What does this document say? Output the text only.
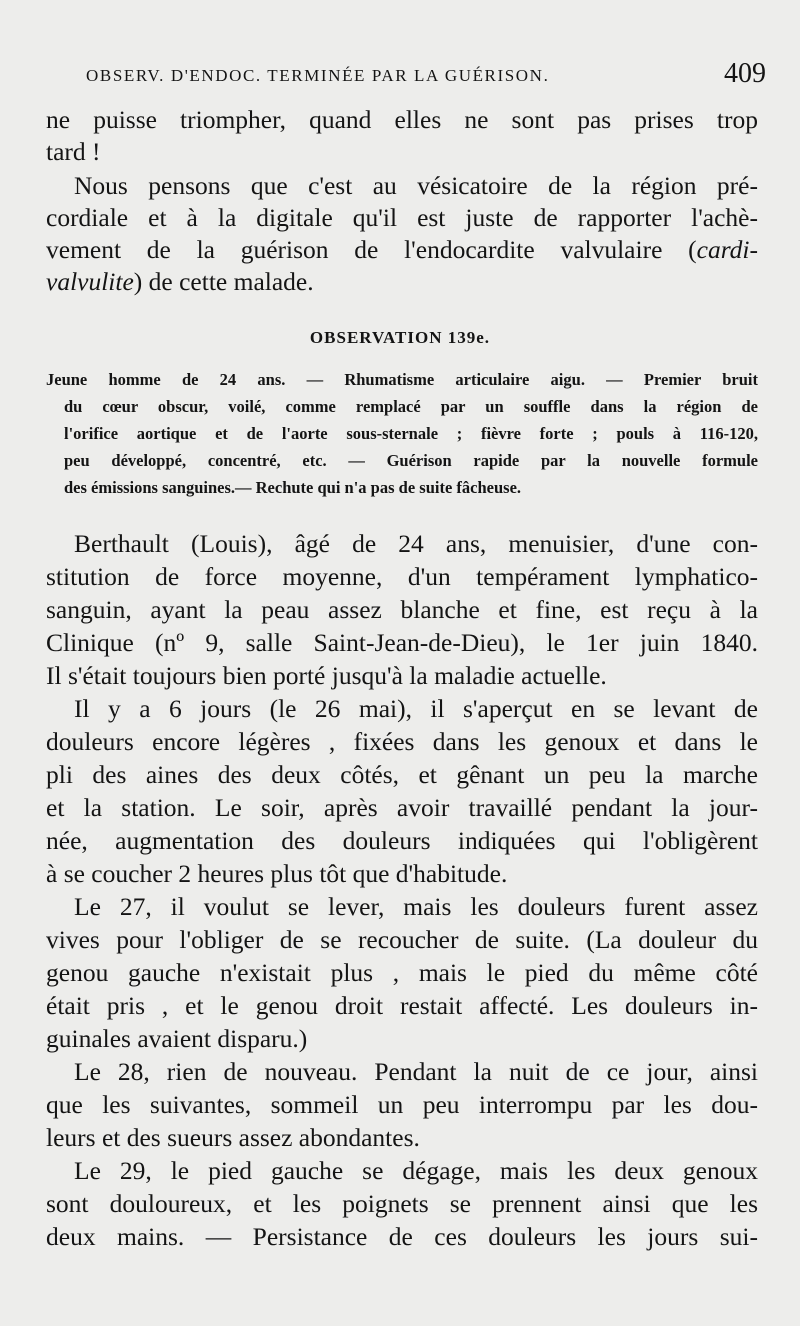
OBSERV. D'ENDOC. TERMINÉE PAR LA GUÉRISON.	409
ne puisse triompher, quand elles ne sont pas prises trop
tard !
Nous pensons que c'est au vésicatoire de la région pré-
cordiale et à la digitale qu'il est juste de rapporter l'achè-
vement de la guérison de l'endocardite valvulaire (cardi-
valvulite) de cette malade.
OBSERVATION 139e.
Jeune homme de 24 ans. — Rhumatisme articulaire aigu. — Premier bruit
du cœur obscur, voilé, comme remplacé par un souffle dans la région de
l'orifice aortique et de l'aorte sous-sternale ; fièvre forte ; pouls à 116-120,
peu développé, concentré, etc. — Guérison rapide par la nouvelle formule
des émissions sanguines.— Rechute qui n'a pas de suite fâcheuse.
Berthault (Louis), âgé de 24 ans, menuisier, d'une con-
stitution de force moyenne, d'un tempérament lymphatico-
sanguin, ayant la peau assez blanche et fine, est reçu à la
Clinique (nº 9, salle Saint-Jean-de-Dieu), le 1er juin 1840.
Il s'était toujours bien porté jusqu'à la maladie actuelle.
Il y a 6 jours (le 26 mai), il s'aperçut en se levant de
douleurs encore légères , fixées dans les genoux et dans le
pli des aines des deux côtés, et gênant un peu la marche
et la station. Le soir, après avoir travaillé pendant la jour-
née, augmentation des douleurs indiquées qui l'obligèrent
à se coucher 2 heures plus tôt que d'habitude.
Le 27, il voulut se lever, mais les douleurs furent assez
vives pour l'obliger de se recoucher de suite. (La douleur du
genou gauche n'existait plus , mais le pied du même côté
était pris , et le genou droit restait affecté. Les douleurs in-
guinales avaient disparu.)
Le 28, rien de nouveau. Pendant la nuit de ce jour, ainsi
que les suivantes, sommeil un peu interrompu par les dou-
leurs et des sueurs assez abondantes.
Le 29, le pied gauche se dégage, mais les deux genoux
sont douloureux, et les poignets se prennent ainsi que les
deux mains. — Persistance de ces douleurs les jours sui-
